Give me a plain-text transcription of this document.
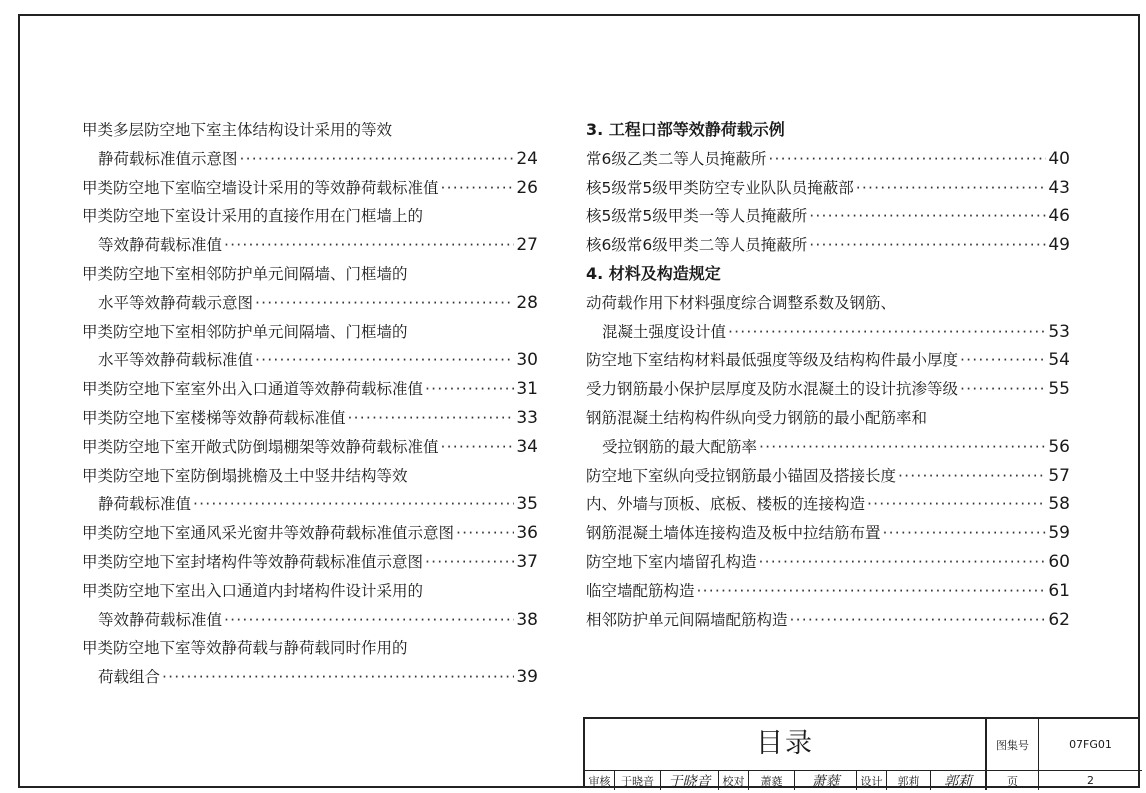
甲类多层防空地下室主体结构设计采用的等效
静荷载标准值示意图 ·····	24
甲类防空地下室临空墙设计采用的等效静荷载标准值 ·····	26
甲类防空地下室设计采用的直接作用在门框墙上的
等效静荷载标准值 ·····	27
甲类防空地下室相邻防护单元间隔墙、门框墙的
水平等效静荷载示意图 ·····	28
甲类防空地下室相邻防护单元间隔墙、门框墙的
水平等效静荷载标准值 ·····	30
甲类防空地下室室外出入口通道等效静荷载标准值 ·····	31
甲类防空地下室楼梯等效静荷载标准值 ·····	33
甲类防空地下室开敞式防倒塌棚架等效静荷载标准值 ·····	34
甲类防空地下室防倒塌挑檐及土中竖井结构等效
静荷载标准值 ·····	35
甲类防空地下室通风采光窗井等效静荷载标准值示意图 ·····	36
甲类防空地下室封堵构件等效静荷载标准值示意图 ·····	37
甲类防空地下室出入口通道内封堵构件设计采用的
等效静荷载标准值 ·····	38
甲类防空地下室等效静荷载与静荷载同时作用的
荷载组合 ·····	39
3. 工程口部等效静荷载示例
常6级乙类二等人员掩蔽所 ·····	40
核5级常5级甲类防空专业队队员掩蔽部 ·····	43
核5级常5级甲类一等人员掩蔽所 ·····	46
核6级常6级甲类二等人员掩蔽所 ·····	49
4. 材料及构造规定
动荷载作用下材料强度综合调整系数及钢筋、
混凝土强度设计值 ·····	53
防空地下室结构材料最低强度等级及结构构件最小厚度 ·····	54
受力钢筋最小保护层厚度及防水混凝土的设计抗渗等级 ·····	55
钢筋混凝土结构构件纵向受力钢筋的最小配筋率和
受拉钢筋的最大配筋率 ·····	56
防空地下室纵向受拉钢筋最小锚固及搭接长度 ·····	57
内、外墙与顶板、底板、楼板的连接构造 ·····	58
钢筋混凝土墙体连接构造及板中拉结筋布置 ·····	59
防空地下室内墙留孔构造 ·····	60
临空墙配筋构造 ·····	61
相邻防护单元间隔墙配筋构造 ·····	62
目录	图集号	07FG01
审核 于晓音	于晓音	校对	萧蕤	萧蕤	设计	郭莉	郭莉	页	2
